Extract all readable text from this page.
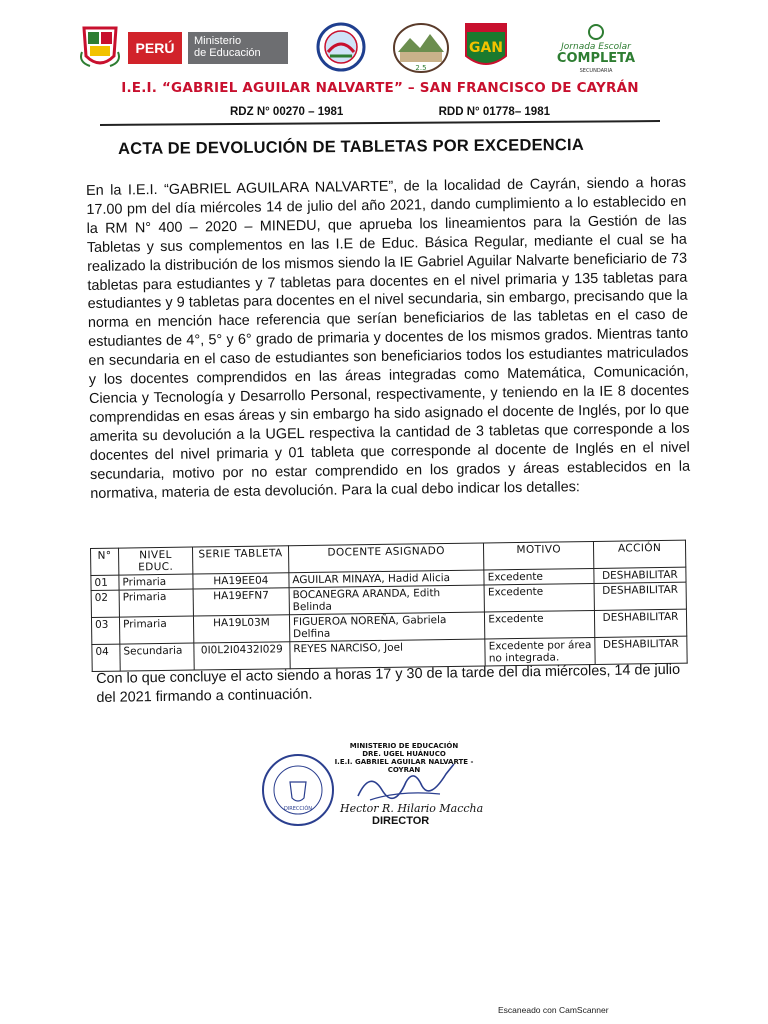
PERÚ	Ministerio
de Educación
2.5
GAN	Jornada Escolar
COMPLETA
SECUNDARIA
I.E.I. “GABRIEL AGUILAR NALVARTE” – SAN FRANCISCO DE CAYRÁN
RDZ N° 00270 – 1981	RDD N° 01778– 1981
ACTA DE DEVOLUCIÓN DE TABLETAS POR EXCEDENCIA
En la I.E.I. “GABRIEL AGUILARA NALVARTE”, de la localidad de Cayrán, siendo a horas 17.00 pm del día miércoles 14 de julio del año 2021, dando cumplimiento a lo establecido en la RM N° 400 – 2020 – MINEDU, que aprueba los lineamientos para la Gestión de las Tabletas y sus complementos en las I.E de Educ. Básica Regular, mediante el cual se ha realizado la distribución de los mismos siendo la IE Gabriel Aguilar Nalvarte beneficiario de 73 tabletas para estudiantes y 7 tabletas para docentes en el nivel primaria y 135 tabletas para estudiantes y 9 tabletas para docentes en el nivel secundaria, sin embargo, precisando que la norma en mención hace referencia que serían beneficiarios de las tabletas en el caso de estudiantes de 4°, 5° y 6° grado de primaria y docentes de los mismos grados. Mientras tanto en secundaria en el caso de estudiantes son beneficiarios todos los estudiantes matriculados y los docentes comprendidos en las áreas integradas como Matemática, Comunicación, Ciencia y Tecnología y Desarrollo Personal, respectivamente, y teniendo en la IE 8 docentes comprendidas en esas áreas y sin embargo ha sido asignado el docente de Inglés, por lo que amerita su devolución a la UGEL respectiva la cantidad de 3 tabletas que corresponde a los docentes del nivel primaria y 01 tableta que corresponde al docente de Inglés en el nivel secundaria, motivo por no estar comprendido en los grados y áreas establecidos en la normativa, materia de esta devolución. Para la cual debo indicar los detalles:
N°	NIVEL EDUC.	SERIE TABLETA	DOCENTE ASIGNADO	MOTIVO	ACCIÓN
01	Primaria	HA19EE04	AGUILAR MINAYA, Hadid Alicia	Excedente	DESHABILITAR
02	Primaria	HA19EFN7	BOCANEGRA ARANDA, Edith Belinda	Excedente	DESHABILITAR
03	Primaria	HA19L03M	FIGUEROA NOREÑA, Gabriela Delfina	Excedente	DESHABILITAR
04	Secundaria	0I0L2I0432I029	REYES NARCISO, Joel	Excedente por área no integrada.	DESHABILITAR
Con lo que concluye el acto siendo a horas 17 y 30 de la tarde del dia miércoles, 14 de julio del 2021 firmando a continuación.
DIRECCIÓN
MINISTERIO DE EDUCACIÓN
DRE. UGEL HUÁNUCO
I.E.I. GABRIEL AGUILAR NALVARTE - COYRAN
Hector R. Hilario Maccha
DIRECTOR
Escaneado con CamScanner
